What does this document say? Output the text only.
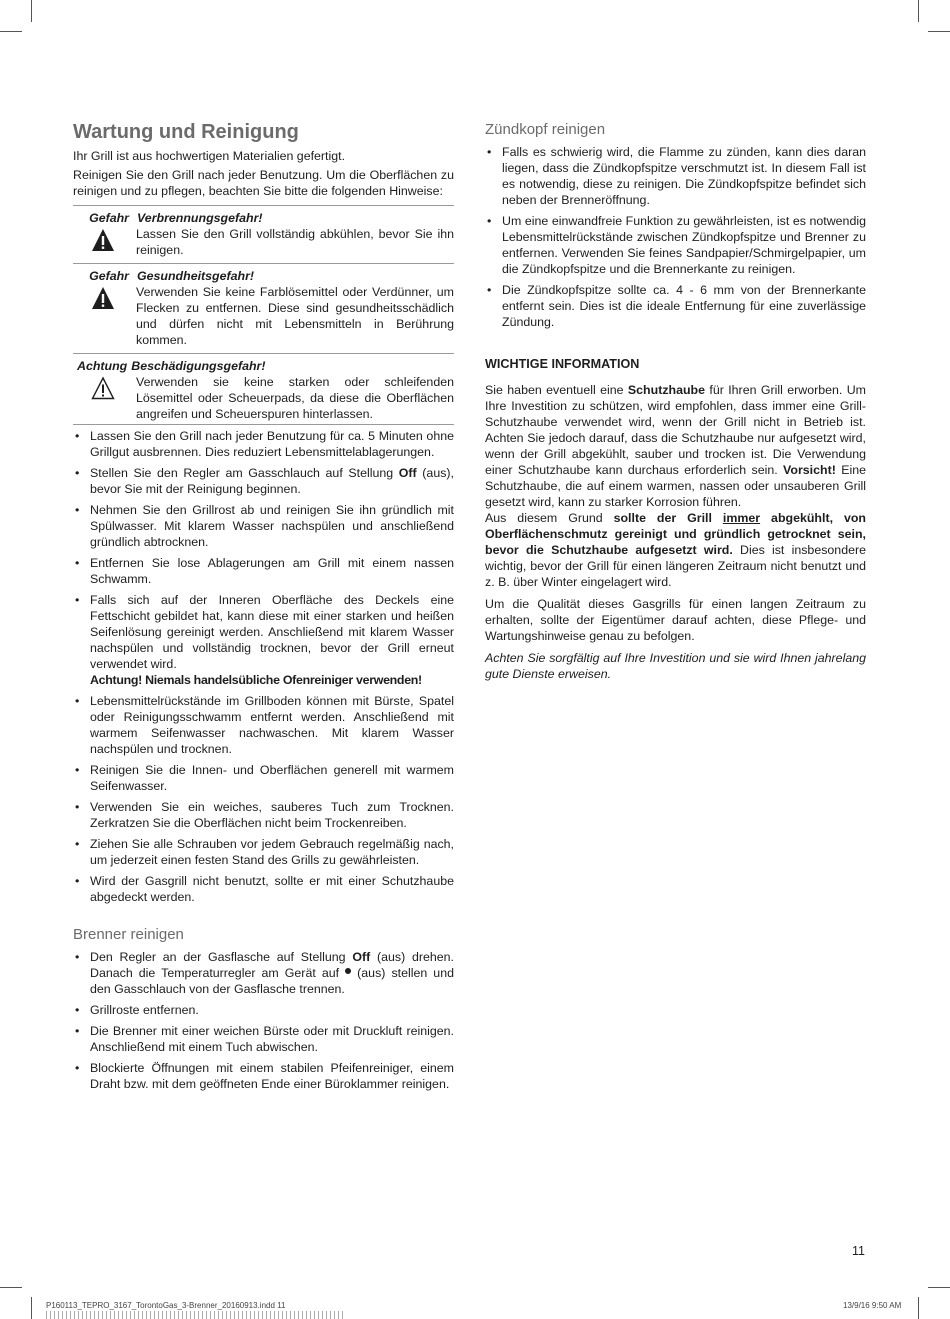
Wartung und Reinigung

Ihr Grill ist aus hochwertigen Materialien gefertigt.

Reinigen Sie den Grill nach jeder Benutzung. Um die Oberflächen zu reinigen und zu pflegen, beachten Sie bitte die folgenden Hinweise:

Gefahr Verbrennungsgefahr!
Lassen Sie den Grill vollständig abkühlen, bevor Sie ihn reinigen.
Gefahr Gesundheitsgefahr!
Verwenden Sie keine Farblösemittel oder Verdünner, um Flecken zu entfernen. Diese sind gesundheitsschädlich und dürfen nicht mit Lebensmitteln in Berührung kommen.
Achtung Beschädigungsgefahr!
Verwenden sie keine starken oder schleifenden Lösemittel oder Scheuerpads, da diese die Oberflächen angreifen und Scheuerspuren hinterlassen.
• Lassen Sie den Grill nach jeder Benutzung für ca. 5 Minuten ohne Grillgut ausbrennen. Dies reduziert Lebensmittelablagerungen.
• Stellen Sie den Regler am Gasschlauch auf Stellung Off (aus), bevor Sie mit der Reinigung beginnen.
• Nehmen Sie den Grillrost ab und reinigen Sie ihn gründlich mit Spülwasser. Mit klarem Wasser nachspülen und anschließend gründlich abtrocknen.
• Entfernen Sie lose Ablagerungen am Grill mit einem nassen Schwamm.
• Falls sich auf der Inneren Oberfläche des Deckels eine Fettschicht gebildet hat, kann diese mit einer starken und heißen Seifenlösung gereinigt werden. Anschließend mit klarem Wasser nachspülen und vollständig trocknen, bevor der Grill erneut verwendet wird.
Achtung! Niemals handelsübliche Ofenreiniger verwenden!
• Lebensmittelrückstände im Grillboden können mit Bürste, Spatel oder Reinigungsschwamm entfernt werden. Anschließend mit warmem Seifenwasser nachwaschen. Mit klarem Wasser nachspülen und trocknen.
• Reinigen Sie die Innen- und Oberflächen generell mit warmem Seifenwasser.
• Verwenden Sie ein weiches, sauberes Tuch zum Trocknen. Zerkratzen Sie die Oberflächen nicht beim Trockenreiben.
• Ziehen Sie alle Schrauben vor jedem Gebrauch regelmäßig nach, um jederzeit einen festen Stand des Grills zu gewährleisten.
• Wird der Gasgrill nicht benutzt, sollte er mit einer Schutzhaube abgedeckt werden.
Brenner reinigen
• Den Regler an der Gasflasche auf Stellung Off (aus) drehen. Danach die Temperaturregler am Gerät auf  (aus) stellen und den Gasschlauch von der Gasflasche trennen.
• Grillroste entfernen.
• Die Brenner mit einer weichen Bürste oder mit Druckluft reinigen. Anschließend mit einem Tuch abwischen.
• Blockierte Öffnungen mit einem stabilen Pfeifenreiniger, einem Draht bzw. mit dem geöffneten Ende einer Büroklammer reinigen.
Zündkopf reinigen
• Falls es schwierig wird, die Flamme zu zünden, kann dies daran liegen, dass die Zündkopfspitze verschmutzt ist. In diesem Fall ist es notwendig, diese zu reinigen. Die Zündkopfspitze befindet sich neben der Brenneröffnung.
• Um eine einwandfreie Funktion zu gewährleisten, ist es notwendig Lebensmittelrückstände zwischen Zündkopfspitze und Brenner zu entfernen. Verwenden Sie feines Sandpapier/Schmirgelpapier, um die Zündkopfspitze und die Brennerkante zu reinigen.
• Die Zündkopfspitze sollte ca. 4 - 6 mm von der Brennerkante entfernt sein. Dies ist die ideale Entfernung für eine zuverlässige Zündung.
WICHTIGE INFORMATION

Sie haben eventuell eine Schutzhaube für Ihren Grill erworben. Um Ihre Investition zu schützen, wird empfohlen, dass immer eine Grill-Schutzhaube verwendet wird, wenn der Grill nicht in Betrieb ist. Achten Sie jedoch darauf, dass die Schutzhaube nur aufgesetzt wird, wenn der Grill abgekühlt, sauber und trocken ist. Die Verwendung einer Schutzhaube kann durchaus erforderlich sein. Vorsicht! Eine Schutzhaube, die auf einem warmen, nassen oder unsauberen Grill gesetzt wird, kann zu starker Korrosion führen.

Aus diesem Grund sollte der Grill immer abgekühlt, von Oberflächenschmutz gereinigt und gründlich getrocknet sein, bevor die Schutzhaube aufgesetzt wird. Dies ist insbesondere wichtig, bevor der Grill für einen längeren Zeitraum nicht benutzt und z. B. über Winter eingelagert wird.

Um die Qualität dieses Gasgrills für einen langen Zeitraum zu erhalten, sollte der Eigentümer darauf achten, diese Pflege- und Wartungshinweise genau zu befolgen.

Achten Sie sorgfältig auf Ihre Investition und sie wird Ihnen jahrelang gute Dienste erweisen.

11
P160113_TEPRO_3167_TorontoGas_3-Brenner_20160913.indd 11	13/9/16 9:50 AM
